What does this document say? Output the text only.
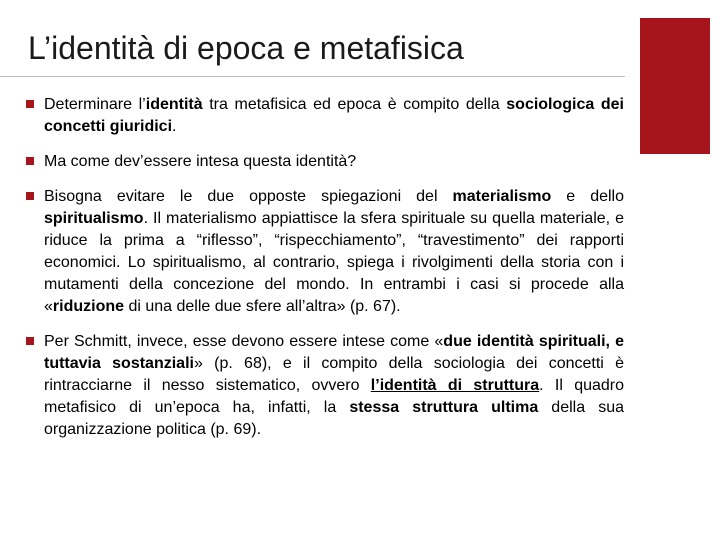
L’identità di epoca e metafisica
Determinare l’identità tra metafisica ed epoca è compito della sociologica dei concetti giuridici.
Ma come dev’essere intesa questa identità?
Bisogna evitare le due opposte spiegazioni del materialismo e dello spiritualismo. Il materialismo appiattisce la sfera spirituale su quella materiale, e riduce la prima a “riflesso”, “rispecchiamento”, “travestimento” dei rapporti economici. Lo spiritualismo, al contrario, spiega i rivolgimenti della storia con i mutamenti della concezione del mondo. In entrambi i casi si procede alla «riduzione di una delle due sfere all’altra» (p. 67).
Per Schmitt, invece, esse devono essere intese come «due identità spirituali, e tuttavia sostanziali» (p. 68), e il compito della sociologia dei concetti è rintracciarne il nesso sistematico, ovvero l’identità di struttura. Il quadro metafisico di un’epoca ha, infatti, la stessa struttura ultima della sua organizzazione politica (p. 69).
